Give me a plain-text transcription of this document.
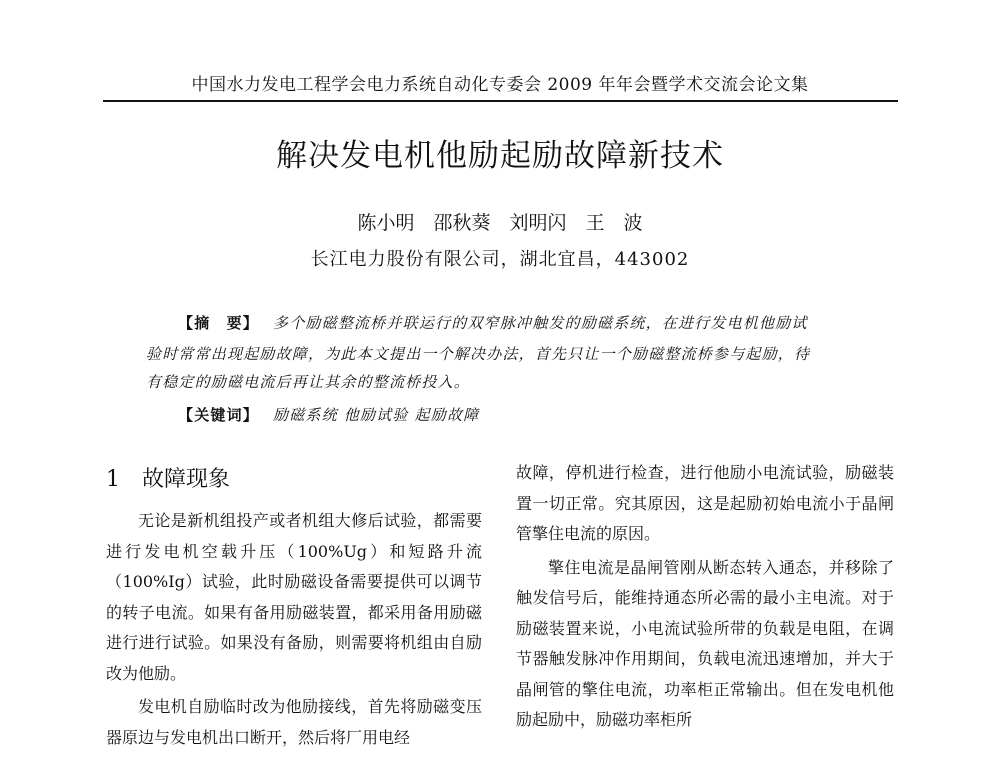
中国水力发电工程学会电力系统自动化专委会 2009 年年会暨学术交流会论文集
解决发电机他励起励故障新技术
陈小明　邵秋葵　刘明闪　王　波
长江电力股份有限公司，湖北宜昌，443002
【摘　要】 多个励磁整流桥并联运行的双窄脉冲触发的励磁系统，在进行发电机他励试
验时常常出现起励故障，为此本文提出一个解决办法，首先只让一个励磁整流桥参与起励，待
有稳定的励磁电流后再让其余的整流桥投入。
【关键词】 励磁系统 他励试验 起励故障
1 故障现象

无论是新机组投产或者机组大修后试验，都需要进行发电机空载升压（100%Ug）和短路升流（100%Ig）试验，此时励磁设备需要提供可以调节的转子电流。如果有备用励磁装置，都采用备用励磁进行进行试验。如果没有备励，则需要将机组由自励改为他励。

发电机自励临时改为他励接线，首先将励磁变压器原边与发电机出口断开，然后将厂用电经

故障，停机进行检查，进行他励小电流试验，励磁装置一切正常。究其原因，这是起励初始电流小于晶闸管擎住电流的原因。

擎住电流是晶闸管刚从断态转入通态，并移除了触发信号后，能维持通态所必需的最小主电流。对于励磁装置来说，小电流试验所带的负载是电阻，在调节器触发脉冲作用期间，负载电流迅速增加，并大于晶闸管的擎住电流，功率柜正常输出。但在发电机他励起励中，励磁功率柜所
